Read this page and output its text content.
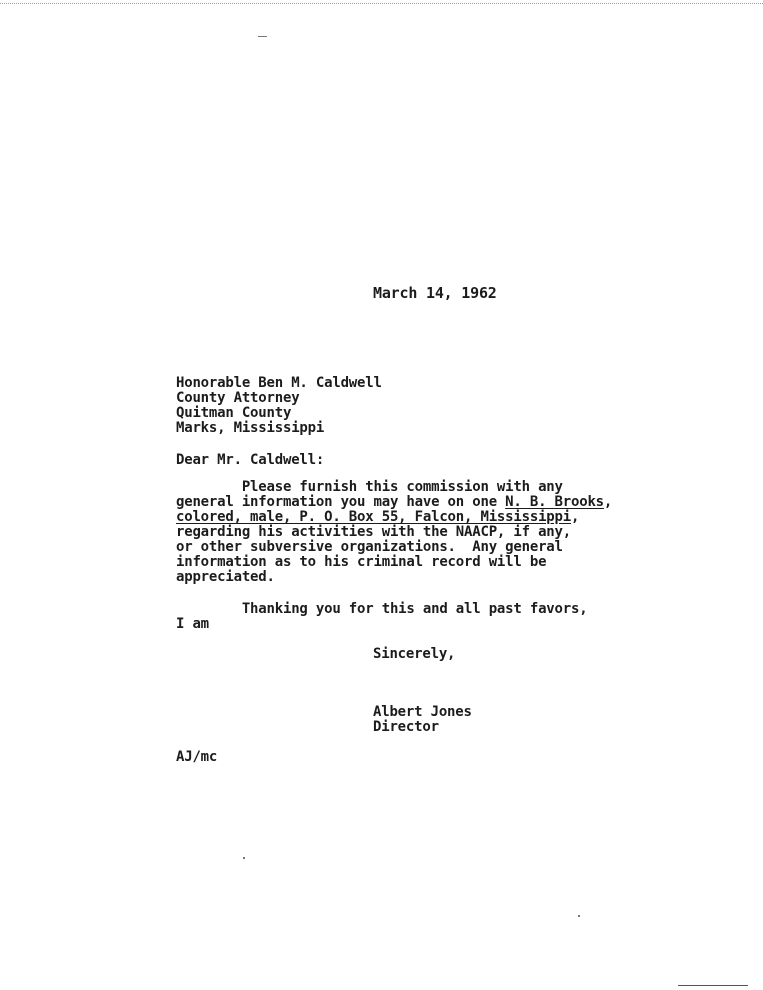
March 14, 1962
Honorable Ben M. Caldwell
County Attorney
Quitman County
Marks, Mississippi
Dear Mr. Caldwell:
Please furnish this commission with any
general information you may have on one N. B. Brooks,
colored, male, P. O. Box 55, Falcon, Mississippi,
regarding his activities with the NAACP, if any,
or other subversive organizations.  Any general
information as to his criminal record will be
appreciated.
Thanking you for this and all past favors,
I am
Sincerely,
Albert Jones
Director
AJ/mc
